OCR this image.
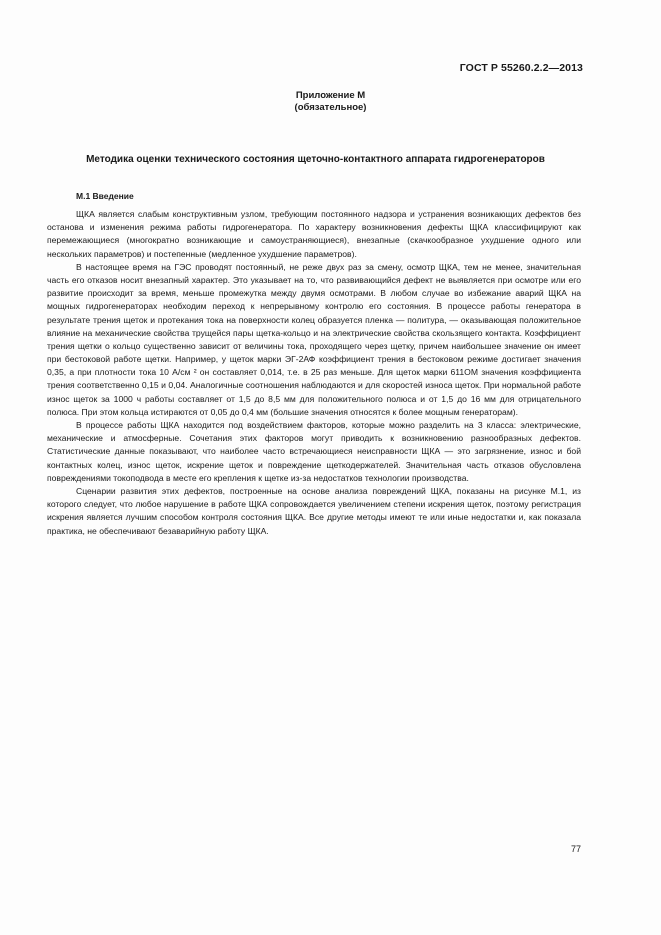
ГОСТ Р 55260.2.2—2013
Приложение М
(обязательное)
Методика оценки технического состояния щеточно-контактного аппарата гидрогенераторов
М.1 Введение

ЩКА является слабым конструктивным узлом, требующим постоянного надзора и устранения возникающих дефектов без останова и изменения режима работы гидрогенератора. По характеру возникновения дефекты ЩКА классифицируют как перемежающиеся (многократно возникающие и самоустраняющиеся), внезапные (скачкообразное ухудшение одного или нескольких параметров) и постепенные (медленное ухудшение параметров).

В настоящее время на ГЭС проводят постоянный, не реже двух раз за смену, осмотр ЩКА, тем не менее, значительная часть его отказов носит внезапный характер. Это указывает на то, что развивающийся дефект не выявляется при осмотре или его развитие происходит за время, меньше промежутка между двумя осмотрами. В любом случае во избежание аварий ЩКА на мощных гидрогенераторах необходим переход к непрерывному контролю его состояния. В процессе работы генератора в результате трения щеток и протекания тока на поверхности колец образуется пленка — политура, — оказывающая положительное влияние на механические свойства трущейся пары щетка-кольцо и на электрические свойства скользящего контакта. Коэффициент трения щетки о кольцо существенно зависит от величины тока, проходящего через щетку, причем наибольшее значение он имеет при бестоковой работе щетки. Например, у щеток марки ЭГ-2АФ коэффициент трения в бестоковом режиме достигает значения 0,35, а при плотности тока 10 А/см ² он составляет 0,014, т.е. в 25 раз меньше. Для щеток марки 611ОМ значения коэффициента трения соответственно 0,15 и 0,04. Аналогичные соотношения наблюдаются и для скоростей износа щеток. При нормальной работе износ щеток за 1000 ч работы составляет от 1,5 до 8,5 мм для положительного полюса и от 1,5 до 16 мм для отрицательного полюса. При этом кольца истираются от 0,05 до 0,4 мм (большие значения относятся к более мощным генераторам).

В процессе работы ЩКА находится под воздействием факторов, которые можно разделить на 3 класса: электрические, механические и атмосферные. Сочетания этих факторов могут приводить к возникновению разнообразных дефектов. Статистические данные показывают, что наиболее часто встречающиеся неисправности ЩКА — это загрязнение, износ и бой контактных колец, износ щеток, искрение щеток и повреждение щеткодержателей. Значительная часть отказов обусловлена повреждениями токоподвода в месте его крепления к щетке из-за недостатков технологии производства.

Сценарии развития этих дефектов, построенные на основе анализа повреждений ЩКА, показаны на рисунке М.1, из которого следует, что любое нарушение в работе ЩКА сопровождается увеличением степени искрения щеток, поэтому регистрация искрения является лучшим способом контроля состояния ЩКА. Все другие методы имеют те или иные недостатки и, как показала практика, не обеспечивают безаварийную работу ЩКА.

77
